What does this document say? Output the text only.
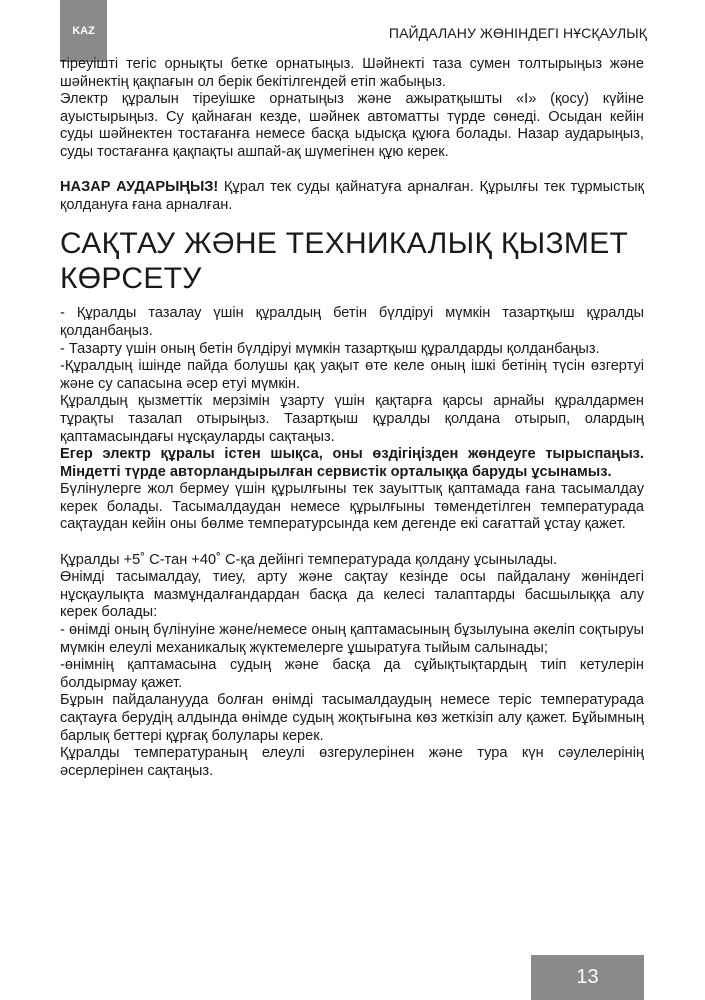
KAZ	ПАЙДАЛАНУ ЖӨНІНДЕГІ НҰСҚАУЛЫҚ

тіреуішті тегіс орнықты бетке орнатыңыз. Шәйнекті таза сумен толтырыңыз және шәйнектің қақпағын ол берік бекітілгендей етіп жабыңыз.

Электр құралын тіреуішке орнатыңыз және ажыратқышты «I» (қосу) күйіне ауыстырыңыз. Су қайнаған кезде, шәйнек автоматты түрде сөнеді. Осыдан кейін суды шәйнектен тостағанға немесе басқа ыдысқа құюға болады. Назар аударыңыз, суды тостағанға қақпақты ашпай-ақ шүмегінен құю керек.

НАЗАР АУДАРЫҢЫЗ! Құрал тек суды қайнатуға арналған. Құрылғы тек тұрмыстық қолдануға ғана арналған.

САҚТАУ ЖӘНЕ ТЕХНИКАЛЫҚ ҚЫЗМЕТ КӨРСЕТУ

- Құралды тазалау үшін құралдың бетін бүлдіруі мүмкін тазартқыш құралды қолданбаңыз.

- Тазарту үшін оның бетін бүлдіруі мүмкін тазартқыш құралдарды қолданбаңыз.

-Құралдың ішінде пайда болушы қақ уақыт өте келе оның ішкі бетінің түсін өзгертуі және су сапасына әсер етуі мүмкін.

Құралдың қызметтік мерзімін ұзарту үшін қақтарға қарсы арнайы құралдармен тұрақты тазалап отырыңыз. Тазартқыш құралды қолдана отырып, олардың қаптамасындағы нұсқауларды сақтаңыз.

Егер электр құралы істен шықса, оны өздігіңізден жөндеуге тырыспаңыз. Міндетті түрде авторландырылған сервистік орталыққа баруды ұсынамыз.

Бүлінулерге жол бермеу үшін құрылғыны тек зауыттық қаптамада ғана тасымалдау керек болады. Тасымалдаудан немесе құрылғыны төмендетілген температурада сақтаудан кейін оны бөлме температурсында кем дегенде екі сағаттай ұстау қажет.

Құралды +5˚ С-тан +40˚ С-қа дейінгі температурада қолдану ұсынылады.

Өнімді тасымалдау, тиеу, арту және сақтау кезінде осы пайдалану жөніндегі нұсқаулықта мазмұндалғандардан басқа да келесі талаптарды басшылыққа алу керек болады:

- өнімді оның бүлінуіне және/немесе оның қаптамасының бұзылуына әкеліп соқтыруы мүмкін елеулі механикалық жүктемелерге ұшыратуға тыйым салынады;

-өнімнің қаптамасына судың және басқа да сұйықтықтардың тиіп кетулерін болдырмау қажет.

Бұрын пайдаланууда болған өнімді тасымалдаудың немесе теріс температурада сақтауға берудің алдында өнімде судың жоқтығына көз жеткізіп алу қажет. Бұйымның барлық беттері құрғақ болулары керек.

Құралды температураның елеулі өзгерулерінен және тура күн сәулелерінің әсерлерінен сақтаңыз.

13
